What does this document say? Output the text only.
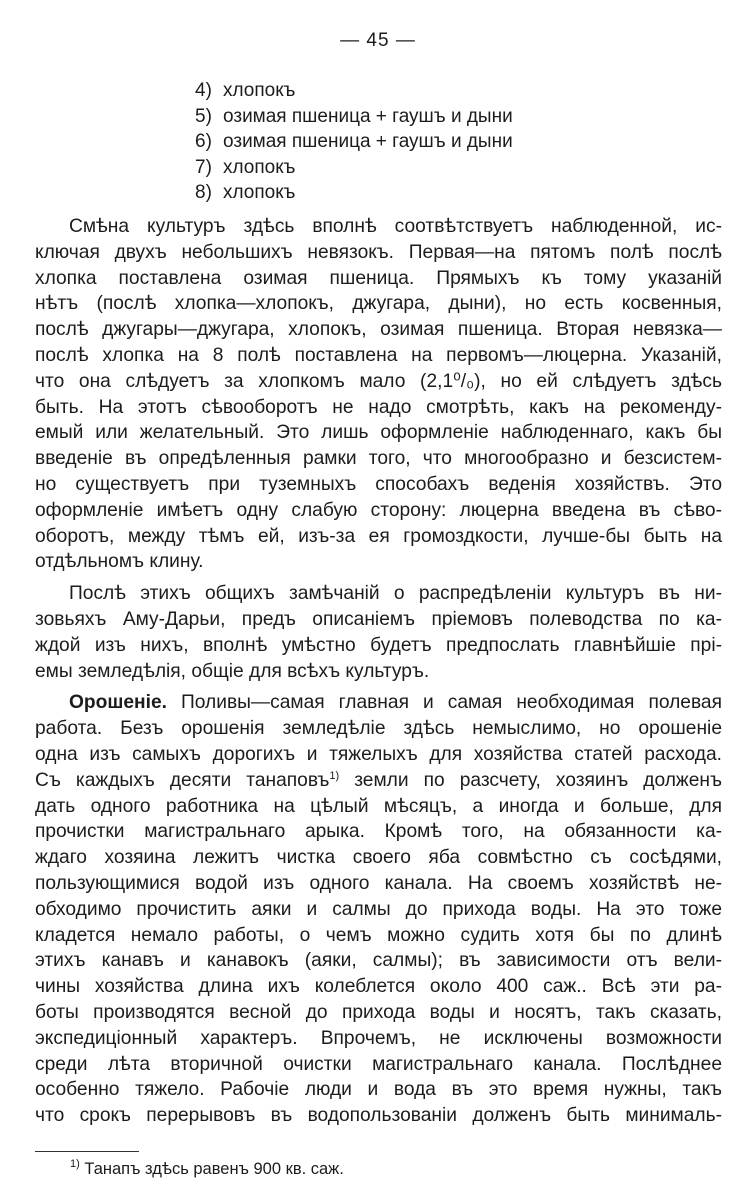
— 45 —
4) хлопокъ
5) озимая пшеница + гаушъ и дыни
6) озимая пшеница + гаушъ и дыни
7) хлопокъ
8) хлопокъ
Смѣна культуръ здѣсь вполнѣ соотвѣтствуетъ наблюденной, ис-
ключая двухъ небольшихъ невязокъ. Первая—на пятомъ полѣ послѣ
хлопка поставлена озимая пшеница. Прямыхъ къ тому указаній
нѣтъ (послѣ хлопка—хлопокъ, джугара, дыни), но есть косвенныя,
послѣ джугары—джугара, хлопокъ, озимая пшеница. Вторая невязка—
послѣ хлопка на 8 полѣ поставлена на первомъ—люцерна. Указаній,
что она слѣдуетъ за хлопкомъ мало (2,1⁰/₀), но ей слѣдуетъ здѣсь
быть. На этотъ сѣвооборотъ не надо смотрѣть, какъ на рекоменду-
емый или желательный. Это лишь оформленіе наблюденнаго, какъ бы
введеніе въ опредѣленныя рамки того, что многообразно и безсистем-
но существуетъ при туземныхъ способахъ веденія хозяйствъ. Это
оформленіе имѣетъ одну слабую сторону: люцерна введена въ сѣво-
оборотъ, между тѣмъ ей, изъ-за ея громоздкости, лучше-бы быть на
отдѣльномъ клину.
Послѣ этихъ общихъ замѣчаній о распредѣленіи культуръ въ ни-
зовьяхъ Аму-Дарьи, предъ описаніемъ пріемовъ полеводства по ка-
ждой изъ нихъ, вполнѣ умѣстно будетъ предпослать главнѣйшіе прі-
емы земледѣлія, общіе для всѣхъ культуръ.
Орошеніе. Поливы—самая главная и самая необходимая полевая
работа. Безъ орошенія земледѣліе здѣсь немыслимо, но орошеніе
одна изъ самыхъ дорогихъ и тяжелыхъ для хозяйства статей расхода.
Съ каждыхъ десяти танаповъ$^{1)}$ земли по разсчету, хозяинъ долженъ
дать одного работника на цѣлый мѣсяцъ, а иногда и больше, для
прочистки магистральнаго арыка. Кромѣ того, на обязанности ка-
ждаго хозяина лежитъ чистка своего яба совмѣстно съ сосѣдями,
пользующимися водой изъ одного канала. На своемъ хозяйствѣ не-
обходимо прочистить аяки и салмы до прихода воды. На это тоже
кладется немало работы, о чемъ можно судить хотя бы по длинѣ
этихъ канавъ и канавокъ (аяки, салмы); въ зависимости отъ вели-
чины хозяйства длина ихъ колеблется около 400 саж.. Всѣ эти ра-
боты производятся весной до прихода воды и носятъ, такъ сказать,
экспедиціонный характеръ. Впрочемъ, не исключены возможности
среди лѣта вторичной очистки магистральнаго канала. Послѣднее
особенно тяжело. Рабочіе люди и вода въ это время нужны, такъ
что срокъ перерывовъ въ водопользованіи долженъ быть минималь-
$^{1)}$ Танапъ здѣсь равенъ 900 кв. саж.
